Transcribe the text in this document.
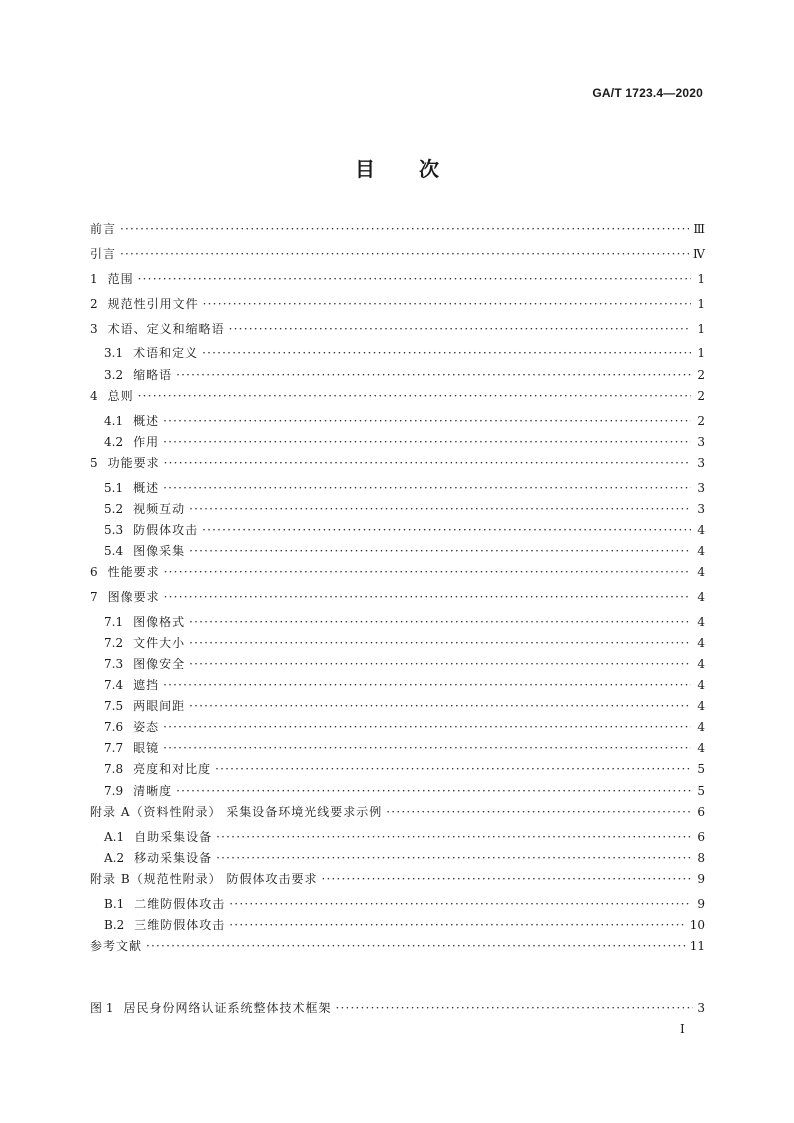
GA/T 1723.4—2020
目 次
前言 ·····	Ⅲ
引言 ·····	Ⅳ
1 范围 ·····	1
2 规范性引用文件 ·····	1
3 术语、定义和缩略语 ·····	1
3.1 术语和定义 ·····	1
3.2 缩略语 ·····	2
4 总则 ·····	2
4.1 概述 ·····	2
4.2 作用 ·····	3
5 功能要求 ·····	3
5.1 概述 ·····	3
5.2 视频互动 ·····	3
5.3 防假体攻击 ·····	4
5.4 图像采集 ·····	4
6 性能要求 ·····	4
7 图像要求 ·····	4
7.1 图像格式 ·····	4
7.2 文件大小 ·····	4
7.3 图像安全 ·····	4
7.4 遮挡 ·····	4
7.5 两眼间距 ·····	4
7.6 姿态 ·····	4
7.7 眼镜 ·····	4
7.8 亮度和对比度 ·····	5
7.9 清晰度 ·····	5
附录 A（资料性附录） 采集设备环境光线要求示例 ·····	6
A.1 自助采集设备 ·····	6
A.2 移动采集设备 ·····	8
附录 B（规范性附录） 防假体攻击要求 ·····	9
B.1 二维防假体攻击 ·····	9
B.2 三维防假体攻击 ·····	10
参考文献 ·····	11
图 1 居民身份网络认证系统整体技术框架 ·····	3
I
